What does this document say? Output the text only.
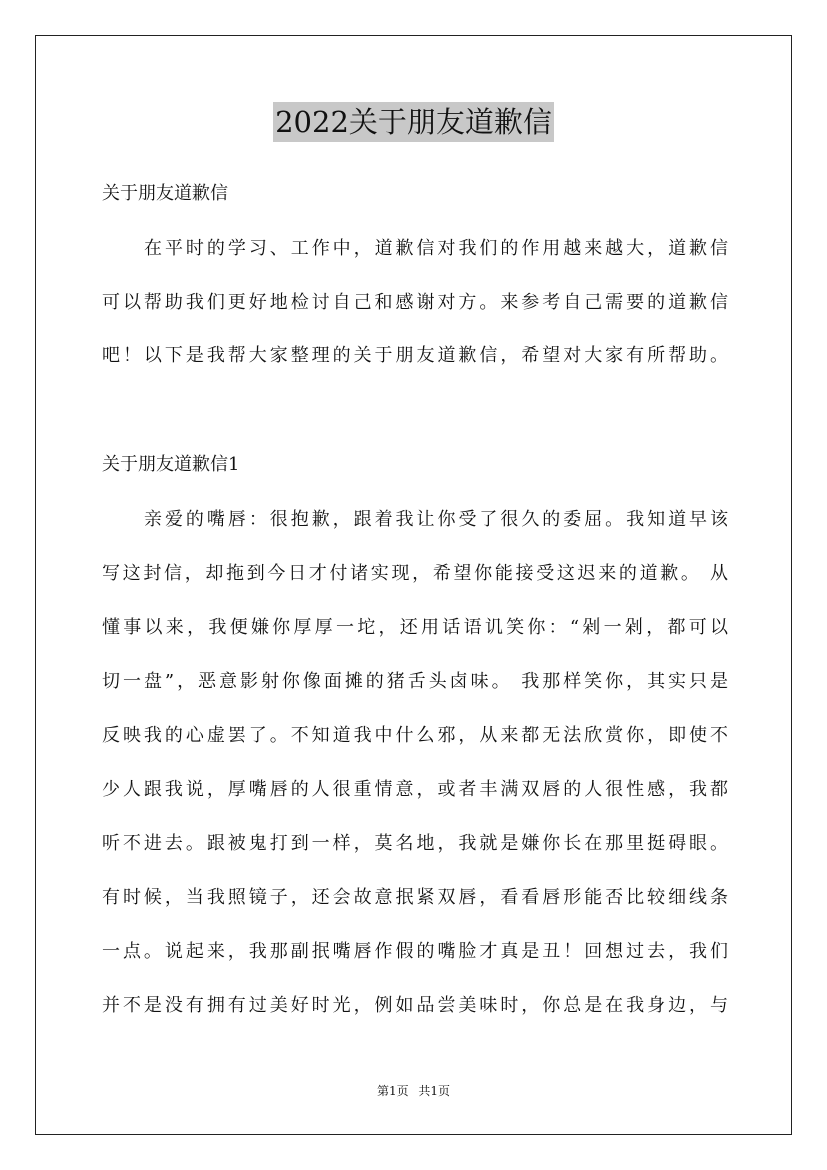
2022关于朋友道歉信
关于朋友道歉信
在平时的学习、工作中，道歉信对我们的作用越来越大，道歉信
可以帮助我们更好地检讨自己和感谢对方。来参考自己需要的道歉信
吧！以下是我帮大家整理的关于朋友道歉信，希望对大家有所帮助。
关于朋友道歉信1
亲爱的嘴唇：很抱歉，跟着我让你受了很久的委屈。我知道早该
写这封信，却拖到今日才付诸实现，希望你能接受这迟来的道歉。 从
懂事以来，我便嫌你厚厚一坨，还用话语讥笑你：“剁一剁，都可以
切一盘”，恶意影射你像面摊的猪舌头卤味。 我那样笑你，其实只是
反映我的心虚罢了。不知道我中什么邪，从来都无法欣赏你，即使不
少人跟我说，厚嘴唇的人很重情意，或者丰满双唇的人很性感，我都
听不进去。跟被鬼打到一样，莫名地，我就是嫌你长在那里挺碍眼。
有时候，当我照镜子，还会故意抿紧双唇，看看唇形能否比较细线条
一点。说起来，我那副抿嘴唇作假的嘴脸才真是丑！回想过去，我们
并不是没有拥有过美好时光，例如品尝美味时，你总是在我身边，与
第1页 共1页
